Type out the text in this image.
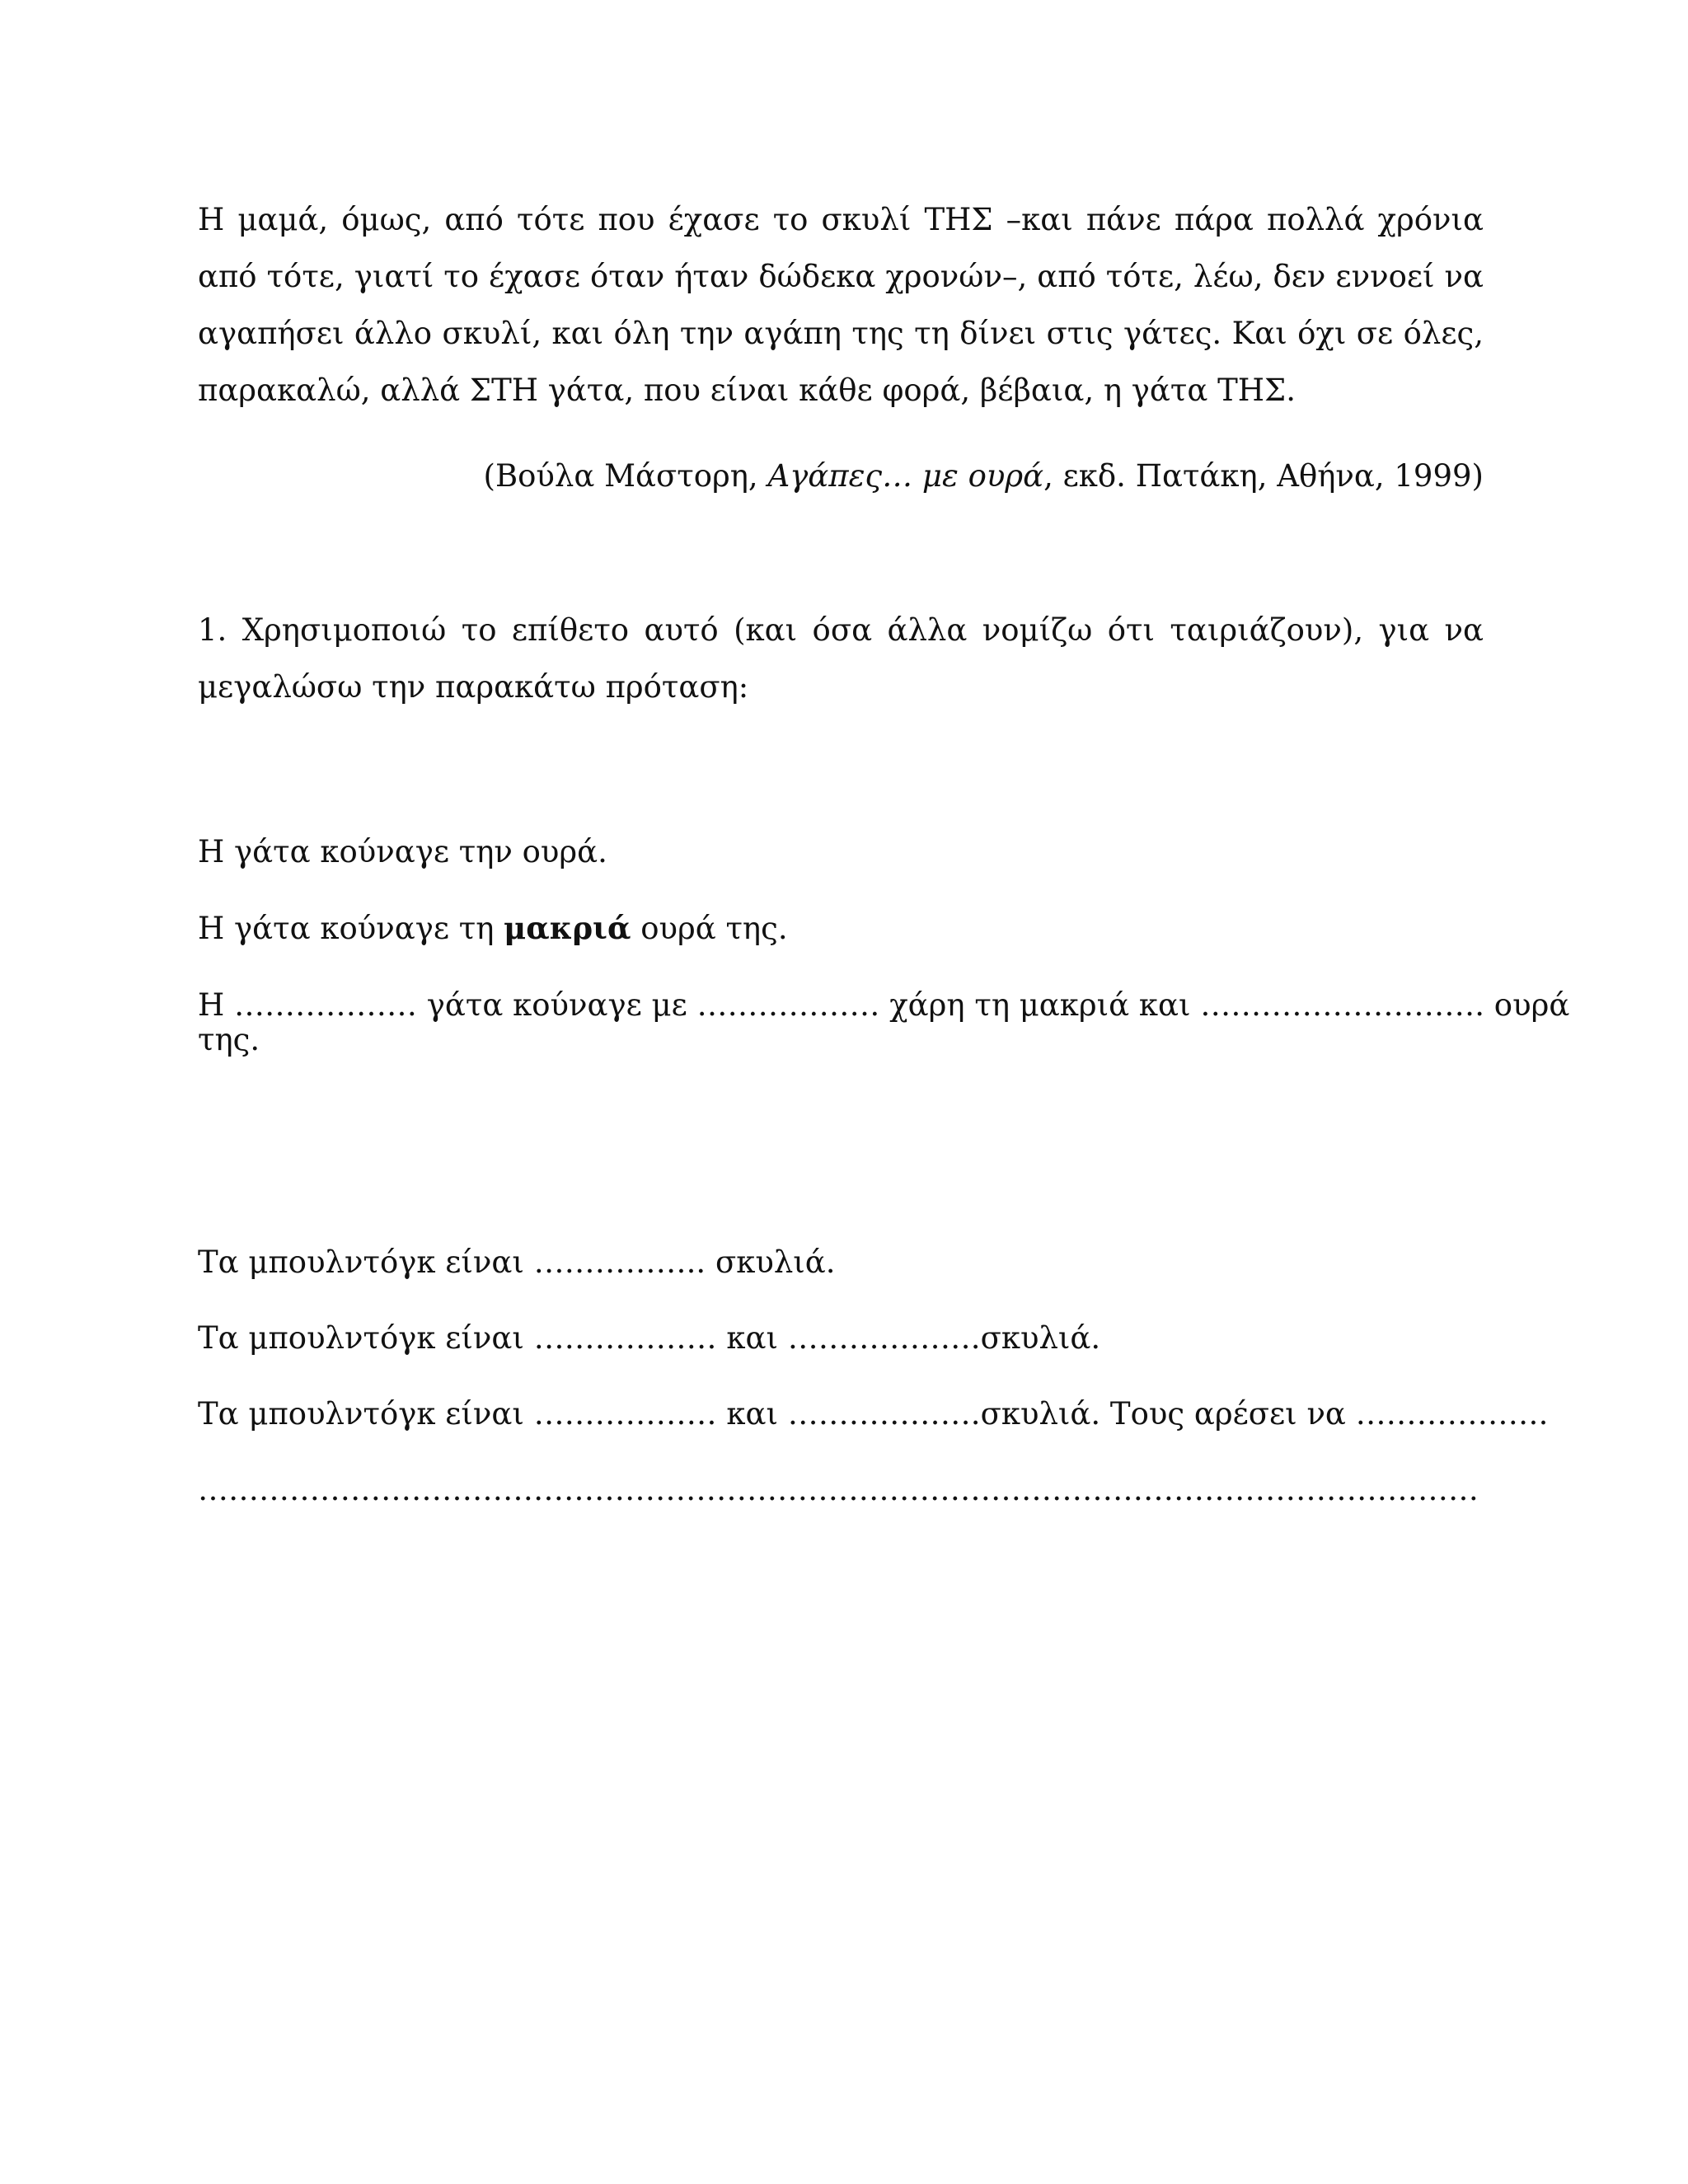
Η μαμά, όμως, από τότε που έχασε το σκυλί ΤΗΣ –και πάνε πάρα πολλά χρόνια από τότε, γιατί το έχασε όταν ήταν δώδεκα χρονών–, από τότε, λέω, δεν εννοεί να αγαπήσει άλλο σκυλί, και όλη την αγάπη της τη δίνει στις γάτες. Και όχι σε όλες, παρακαλώ, αλλά ΣΤΗ γάτα, που είναι κάθε φορά, βέβαια, η γάτα ΤΗΣ.
(Βούλα Μάστορη, Αγάπες… με ουρά, εκδ. Πατάκη, Αθήνα, 1999)
1. Χρησιμοποιώ το επίθετο αυτό (και όσα άλλα νομίζω ότι ταιριάζουν), για να μεγαλώσω την παρακάτω πρόταση:
Η γάτα κούναγε την ουρά.
Η γάτα κούναγε τη μακριά ουρά της.
Η ……………… γάτα κούναγε με ……………… χάρη τη μακριά και ………………………. ουρά
της.
Τα μπουλντόγκ είναι …………….. σκυλιά.
Τα μπουλντόγκ είναι ……………… και ……………….σκυλιά.
Τα μπουλντόγκ είναι ……………… και ……………….σκυλιά. Τους αρέσει να ……………….
………………………………………………………………………………………………………………
